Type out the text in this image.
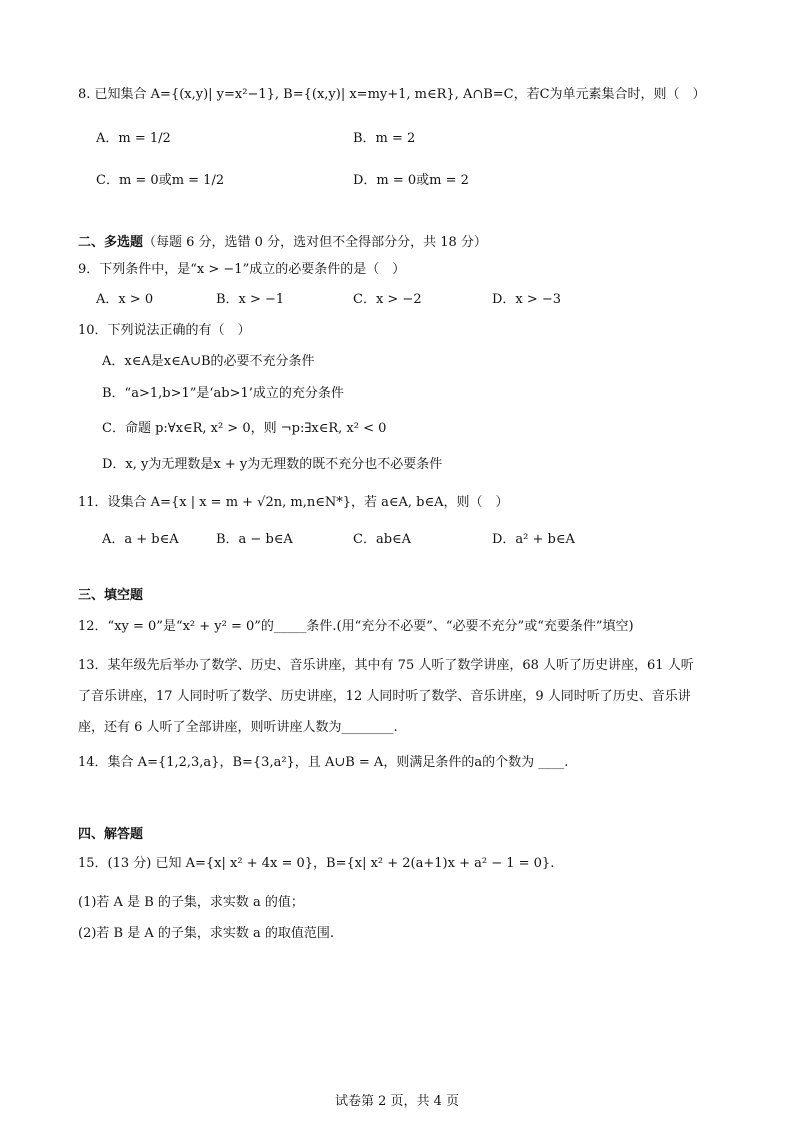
8. 已知集合 A={(x,y)| y=x²−1}, B={(x,y)| x=my+1, m∈R}, A∩B=C，若C为单元素集合时，则（　）
A．m = 1/2	B．m = 2
C．m = 0或m = 1/2	D．m = 0或m = 2
二、多选题（每题 6 分，选错 0 分，选对但不全得部分分，共 18 分）
9．下列条件中，是“x > −1”成立的必要条件的是（　）
A．x > 0	B．x > −1	C．x > −2	D．x > −3
10．下列说法正确的有（　）
A．x∈A是x∈A∪B的必要不充分条件
B．“a>1,b>1”是‘ab>1’成立的充分条件
C．命题 p:∀x∈R, x² > 0，则 ¬p:∃x∈R, x² < 0
D．x, y为无理数是x + y为无理数的既不充分也不必要条件
11．设集合 A={x | x = m + √2n, m,n∈N*}，若 a∈A, b∈A，则（　）
A．a + b∈A	B．a − b∈A	C．ab∈A	D．a² + b∈A
三、填空题
12．“xy = 0”是“x² + y² = 0”的_____条件.(用“充分不必要”、“必要不充分”或“充要条件”填空)
13．某年级先后举办了数学、历史、音乐讲座，其中有 75 人听了数学讲座，68 人听了历史讲座，61 人听
了音乐讲座，17 人同时听了数学、历史讲座，12 人同时听了数学、音乐讲座，9 人同时听了历史、音乐讲
座，还有 6 人听了全部讲座，则听讲座人数为________.
14．集合 A={1,2,3,a}，B={3,a²}，且 A∪B = A，则满足条件的a的个数为 ____.
四、解答题
15．(13 分) 已知 A={x| x² + 4x = 0}，B={x| x² + 2(a+1)x + a² − 1 = 0}.
(1)若 A 是 B 的子集，求实数 a 的值；
(2)若 B 是 A 的子集，求实数 a 的取值范围.
试卷第 2 页，共 4 页
